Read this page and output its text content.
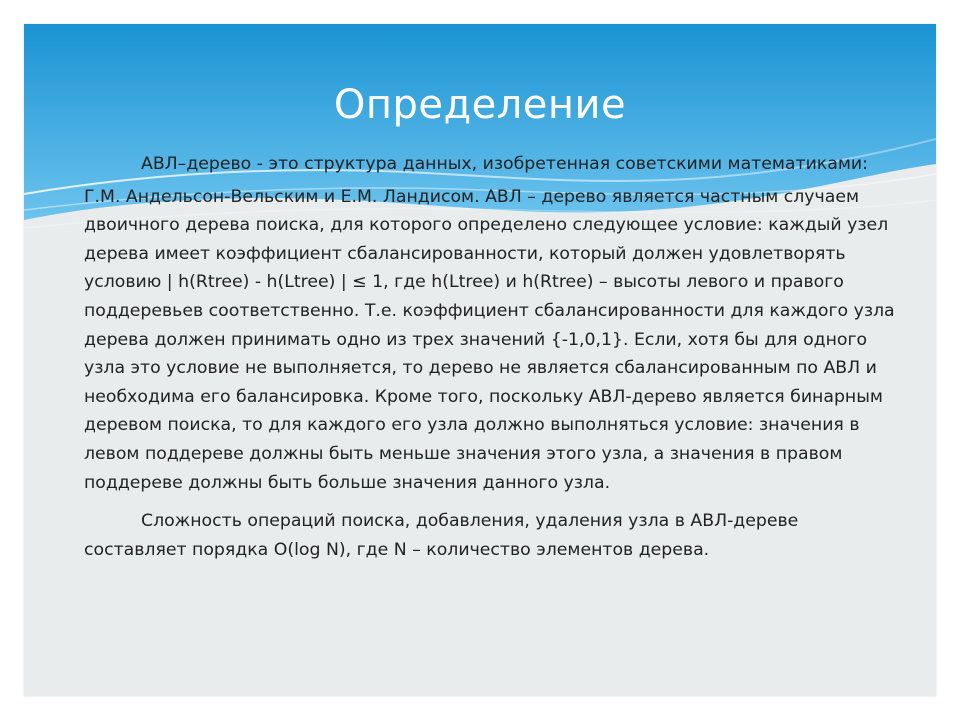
Определение

АВЛ–дерево - это структура данных, изобретенная советскими математиками:

Г.М. Андельсон-Вельским и Е.М. Ландисом. АВЛ – дерево является частным случаем двоичного дерева поиска, для которого определено следующее условие: каждый узел дерева имеет коэффициент сбалансированности, который должен удовлетворять условию | h(Rtree) - h(Ltree) | ≤ 1, где h(Ltree) и h(Rtree) – высоты левого и правого поддеревьев соответственно. Т.е. коэффициент сбалансированности для каждого узла дерева должен принимать одно из трех значений {-1,0,1}. Если, хотя бы для одного узла это условие не выполняется, то дерево не является сбалансированным по АВЛ и необходима его балансировка. Кроме того, поскольку АВЛ-дерево является бинарным деревом поиска, то для каждого его узла должно выполняться условие: значения в левом поддереве должны быть меньше значения этого узла, а значения в правом поддереве должны быть больше значения данного узла.

Сложность операций поиска, добавления, удаления узла в АВЛ-дереве составляет порядка O(log N), где N – количество элементов дерева.
